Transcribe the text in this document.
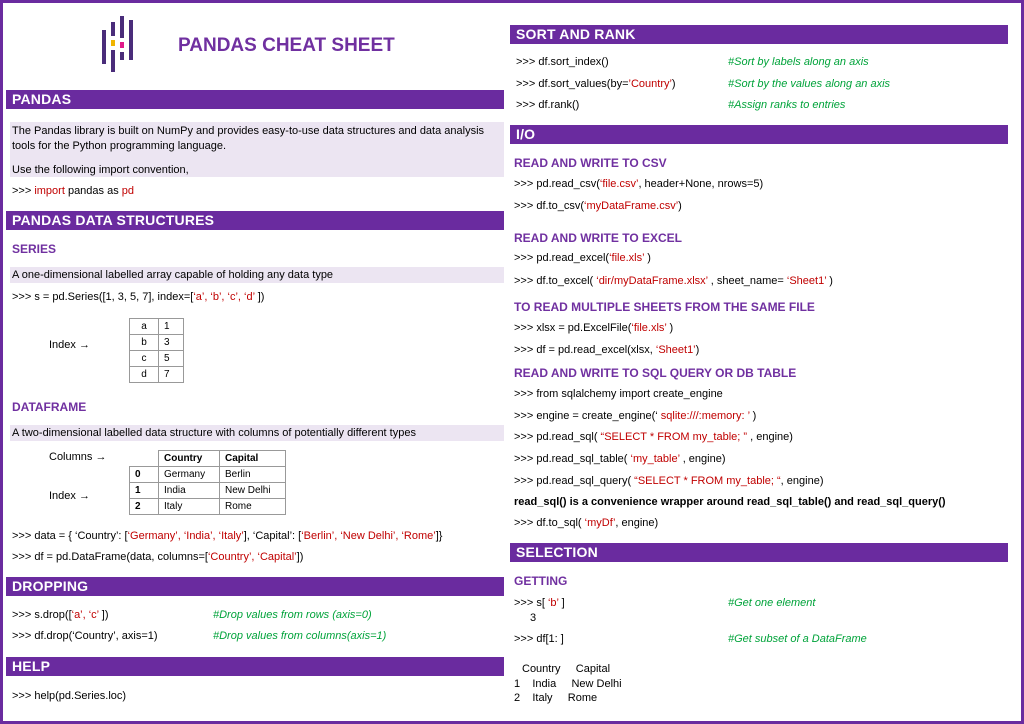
PANDAS CHEAT SHEET
PANDAS
The Pandas library is built on NumPy and provides easy-to-use data structures and data analysis
tools for the Python programming language.
Use the following import convention,
>>> import pandas as pd
PANDAS DATA STRUCTURES
SERIES
A one-dimensional labelled array capable of holding any data type
>>> s = pd.Series([1, 3, 5, 7], index=[‘a’, ‘b’, ‘c’, ‘d’ ])
Index →
a	1
b	3
c	5
d	7
DATAFRAME
A two-dimensional labelled data structure with columns of potentially different types
Columns →
Index →
	Country	Capital
0	Germany	Berlin
1	India	New Delhi
2	Italy	Rome
>>> data = { ‘Country’: [‘Germany’, ‘India’, ‘Italy’], ‘Capital’: [‘Berlin’, ‘New Delhi’, ‘Rome’]}
>>> df = pd.DataFrame(data, columns=[‘Country’, ‘Capital’])
DROPPING
>>> s.drop([‘a’, ‘c’ ])	#Drop values from rows (axis=0)
>>> df.drop(‘Country’, axis=1)	#Drop values from columns(axis=1)
HELP
>>> help(pd.Series.loc)
SORT AND RANK
>>> df.sort_index()	#Sort by labels along an axis
>>> df.sort_values(by=’Country’)	#Sort by the values along an axis
>>> df.rank()	#Assign ranks to entries
I/O
READ AND WRITE TO CSV
>>> pd.read_csv(‘file.csv’, header+None, nrows=5)
>>> df.to_csv(‘myDataFrame.csv’)
READ AND WRITE TO EXCEL
>>> pd.read_excel(‘file.xls’ )
>>> df.to_excel( ‘dir/myDataFrame.xlsx’ , sheet_name= ‘Sheet1’ )
TO READ MULTIPLE SHEETS FROM THE SAME FILE
>>> xlsx = pd.ExcelFile(‘file.xls’ )
>>> df = pd.read_excel(xlsx, ‘Sheet1’)
READ AND WRITE TO SQL QUERY OR DB TABLE
>>> from sqlalchemy import create_engine
>>> engine = create_engine(‘ sqlite:///:memory: ’ )
>>> pd.read_sql( “SELECT * FROM my_table; ” , engine)
>>> pd.read_sql_table( ‘my_table’ , engine)
>>> pd.read_sql_query( “SELECT * FROM my_table; “, engine)
read_sql() is a convenience wrapper around read_sql_table() and read_sql_query()
>>> df.to_sql( ‘myDf’, engine)
SELECTION
GETTING
>>> s[ ‘b’ ]	#Get one element
3
>>> df[1: ]	#Get subset of a DataFrame
Country     Capital
1    India     New Delhi
2    Italy     Rome
